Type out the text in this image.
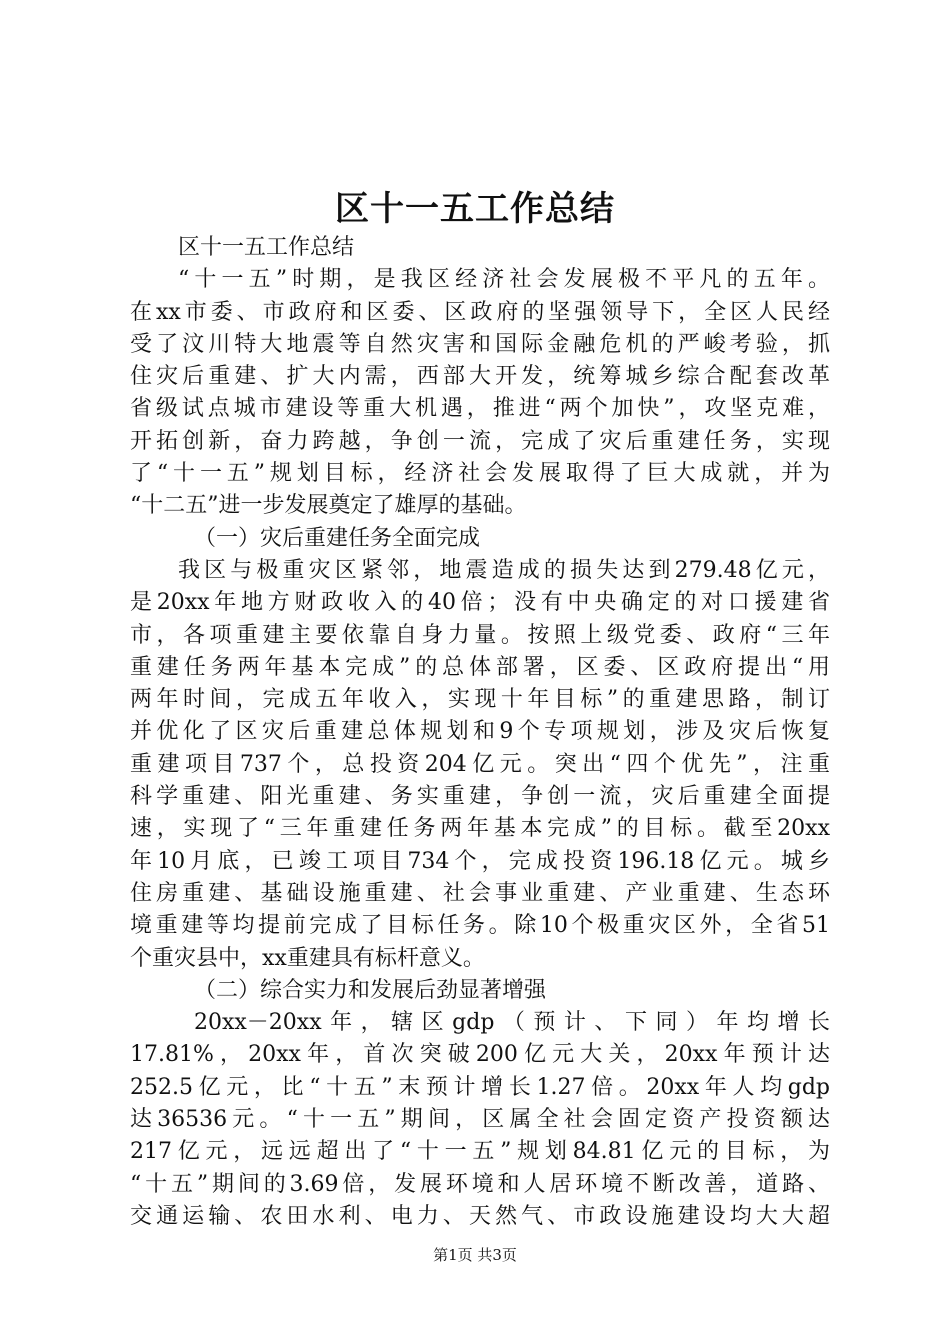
区十一五工作总结
区十一五工作总结
“十一五”时期，是我区经济社会发展极不平凡的五年。
在xx市委、市政府和区委、区政府的坚强领导下，全区人民经
受了汶川特大地震等自然灾害和国际金融危机的严峻考验，抓
住灾后重建、扩大内需，西部大开发，统筹城乡综合配套改革
省级试点城市建设等重大机遇，推进“两个加快”，攻坚克难，
开拓创新，奋力跨越，争创一流，完成了灾后重建任务，实现
了“十一五”规划目标，经济社会发展取得了巨大成就，并为
“十二五”进一步发展奠定了雄厚的基础。
（一）灾后重建任务全面完成
我区与极重灾区紧邻，地震造成的损失达到279.48亿元，
是20xx年地方财政收入的40倍；没有中央确定的对口援建省
市，各项重建主要依靠自身力量。按照上级党委、政府“三年
重建任务两年基本完成”的总体部署，区委、区政府提出“用
两年时间，完成五年收入，实现十年目标”的重建思路，制订
并优化了区灾后重建总体规划和9个专项规划，涉及灾后恢复
重建项目737个，总投资204亿元。突出“四个优先”，注重
科学重建、阳光重建、务实重建，争创一流，灾后重建全面提
速，实现了“三年重建任务两年基本完成”的目标。截至20xx
年10月底，已竣工项目734个，完成投资196.18亿元。城乡
住房重建、基础设施重建、社会事业重建、产业重建、生态环
境重建等均提前完成了目标任务。除10个极重灾区外，全省51
个重灾县中，xx重建具有标杆意义。
（二）综合实力和发展后劲显著增强
20xx－20xx年，辖区gdp（预计、下同）年均增长
17.81%，20xx年，首次突破200亿元大关，20xx年预计达
252.5亿元，比“十五”末预计增长1.27倍。20xx年人均gdp
达36536元。“十一五”期间，区属全社会固定资产投资额达
217亿元，远远超出了“十一五”规划84.81亿元的目标，为
“十五”期间的3.69倍，发展环境和人居环境不断改善，道路、
交通运输、农田水利、电力、天然气、市政设施建设均大大超
第1页 共3页
